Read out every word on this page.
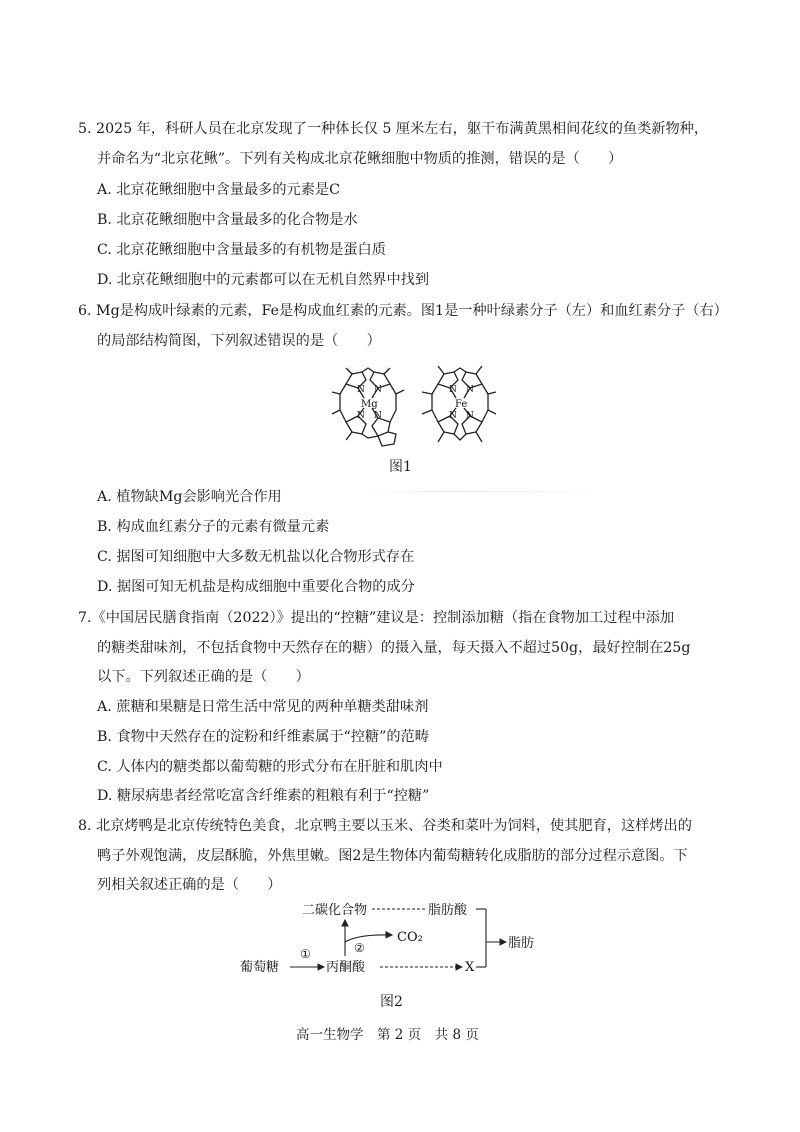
5. 2025 年，科研人员在北京发现了一种体长仅 5 厘米左右，躯干布满黄黑相间花纹的鱼类新物种，
并命名为“北京花鳅”。下列有关构成北京花鳅细胞中物质的推测，错误的是（　　）
A. 北京花鳅细胞中含量最多的元素是C
B. 北京花鳅细胞中含量最多的化合物是水
C. 北京花鳅细胞中含量最多的有机物是蛋白质
D. 北京花鳅细胞中的元素都可以在无机自然界中找到
6. Mg是构成叶绿素的元素，Fe是构成血红素的元素。图1是一种叶绿素分子（左）和血红素分子（右）
的局部结构简图，下列叙述错误的是（　　）
N N
N N
Mg
N N
N N
Fe
图1
A. 植物缺Mg会影响光合作用
B. 构成血红素分子的元素有微量元素
C. 据图可知细胞中大多数无机盐以化合物形式存在
D. 据图可知无机盐是构成细胞中重要化合物的成分
7.《中国居民膳食指南（2022）》提出的“控糖”建议是：控制添加糖（指在食物加工过程中添加
的糖类甜味剂，不包括食物中天然存在的糖）的摄入量，每天摄入不超过50g，最好控制在25g
以下。下列叙述正确的是（　　）
A. 蔗糖和果糖是日常生活中常见的两种单糖类甜味剂
B. 食物中天然存在的淀粉和纤维素属于“控糖”的范畴
C. 人体内的糖类都以葡萄糖的形式分布在肝脏和肌肉中
D. 糖尿病患者经常吃富含纤维素的粗粮有利于“控糖”
8. 北京烤鸭是北京传统特色美食，北京鸭主要以玉米、谷类和菜叶为饲料，使其肥育，这样烤出的
鸭子外观饱满，皮层酥脆，外焦里嫩。图2是生物体内葡萄糖转化成脂肪的部分过程示意图。下
列相关叙述正确的是（　　）
二碳化合物	脂肪酸
CO₂	脂肪
葡萄糖	丙酮酸	X
①	②
图2
高一生物学　第 2 页　共 8 页
